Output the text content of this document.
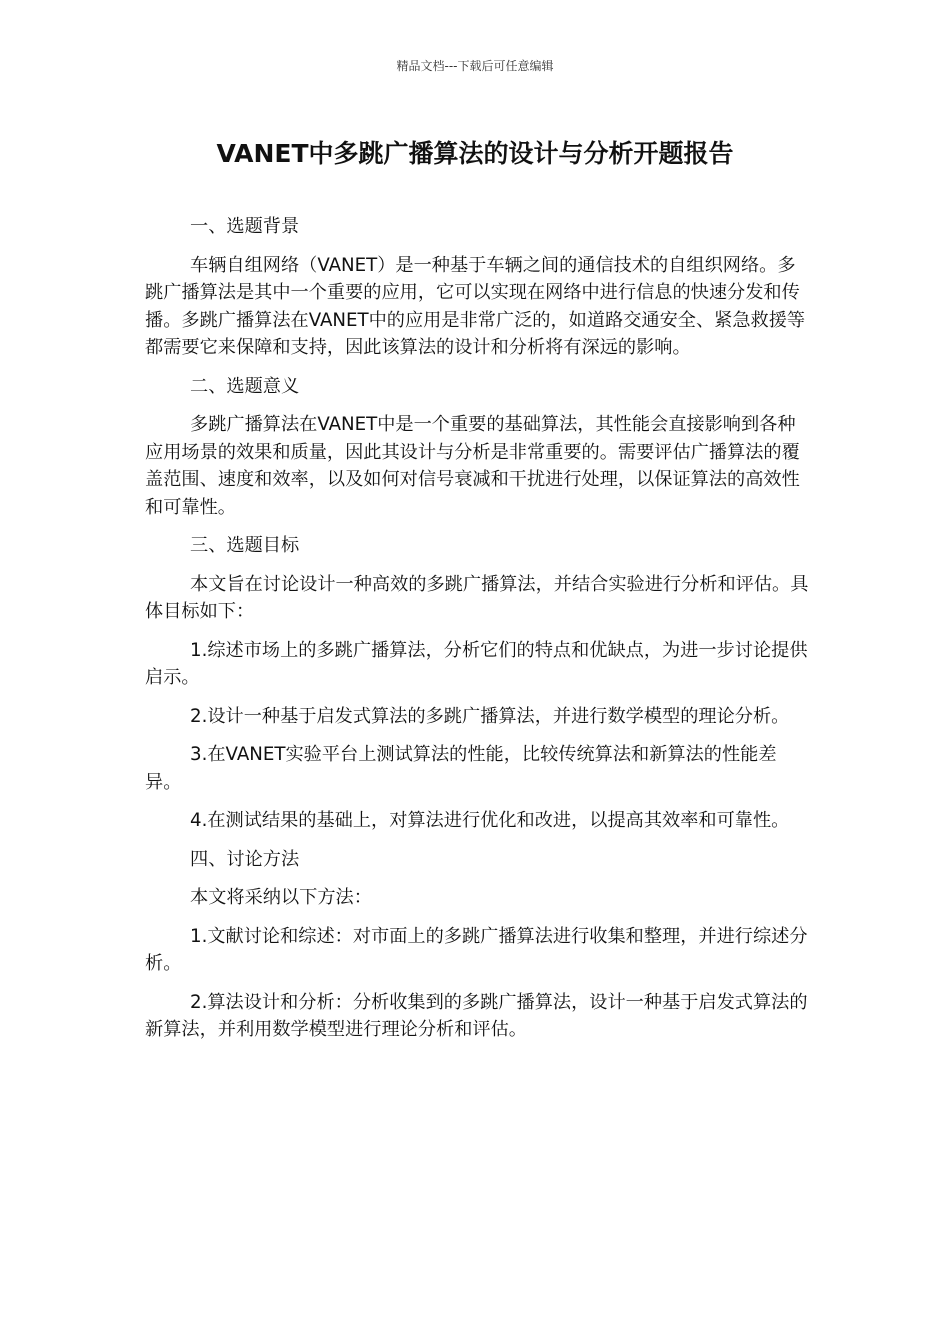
精品文档---下载后可任意编辑
VANET中多跳广播算法的设计与分析开题报告

一、选题背景

车辆自组网络（VANET）是一种基于车辆之间的通信技术的自组织网络。多跳广播算法是其中一个重要的应用，它可以实现在网络中进行信息的快速分发和传播。多跳广播算法在VANET中的应用是非常广泛的，如道路交通安全、紧急救援等都需要它来保障和支持，因此该算法的设计和分析将有深远的影响。

二、选题意义

多跳广播算法在VANET中是一个重要的基础算法，其性能会直接影响到各种应用场景的效果和质量，因此其设计与分析是非常重要的。需要评估广播算法的覆盖范围、速度和效率，以及如何对信号衰减和干扰进行处理，以保证算法的高效性和可靠性。

三、选题目标

本文旨在讨论设计一种高效的多跳广播算法，并结合实验进行分析和评估。具体目标如下：

1.综述市场上的多跳广播算法，分析它们的特点和优缺点，为进一步讨论提供启示。

2.设计一种基于启发式算法的多跳广播算法，并进行数学模型的理论分析。

3.在VANET实验平台上测试算法的性能，比较传统算法和新算法的性能差异。

4.在测试结果的基础上，对算法进行优化和改进，以提高其效率和可靠性。

四、讨论方法

本文将采纳以下方法：

1.文献讨论和综述：对市面上的多跳广播算法进行收集和整理，并进行综述分析。

2.算法设计和分析：分析收集到的多跳广播算法，设计一种基于启发式算法的新算法，并利用数学模型进行理论分析和评估。
